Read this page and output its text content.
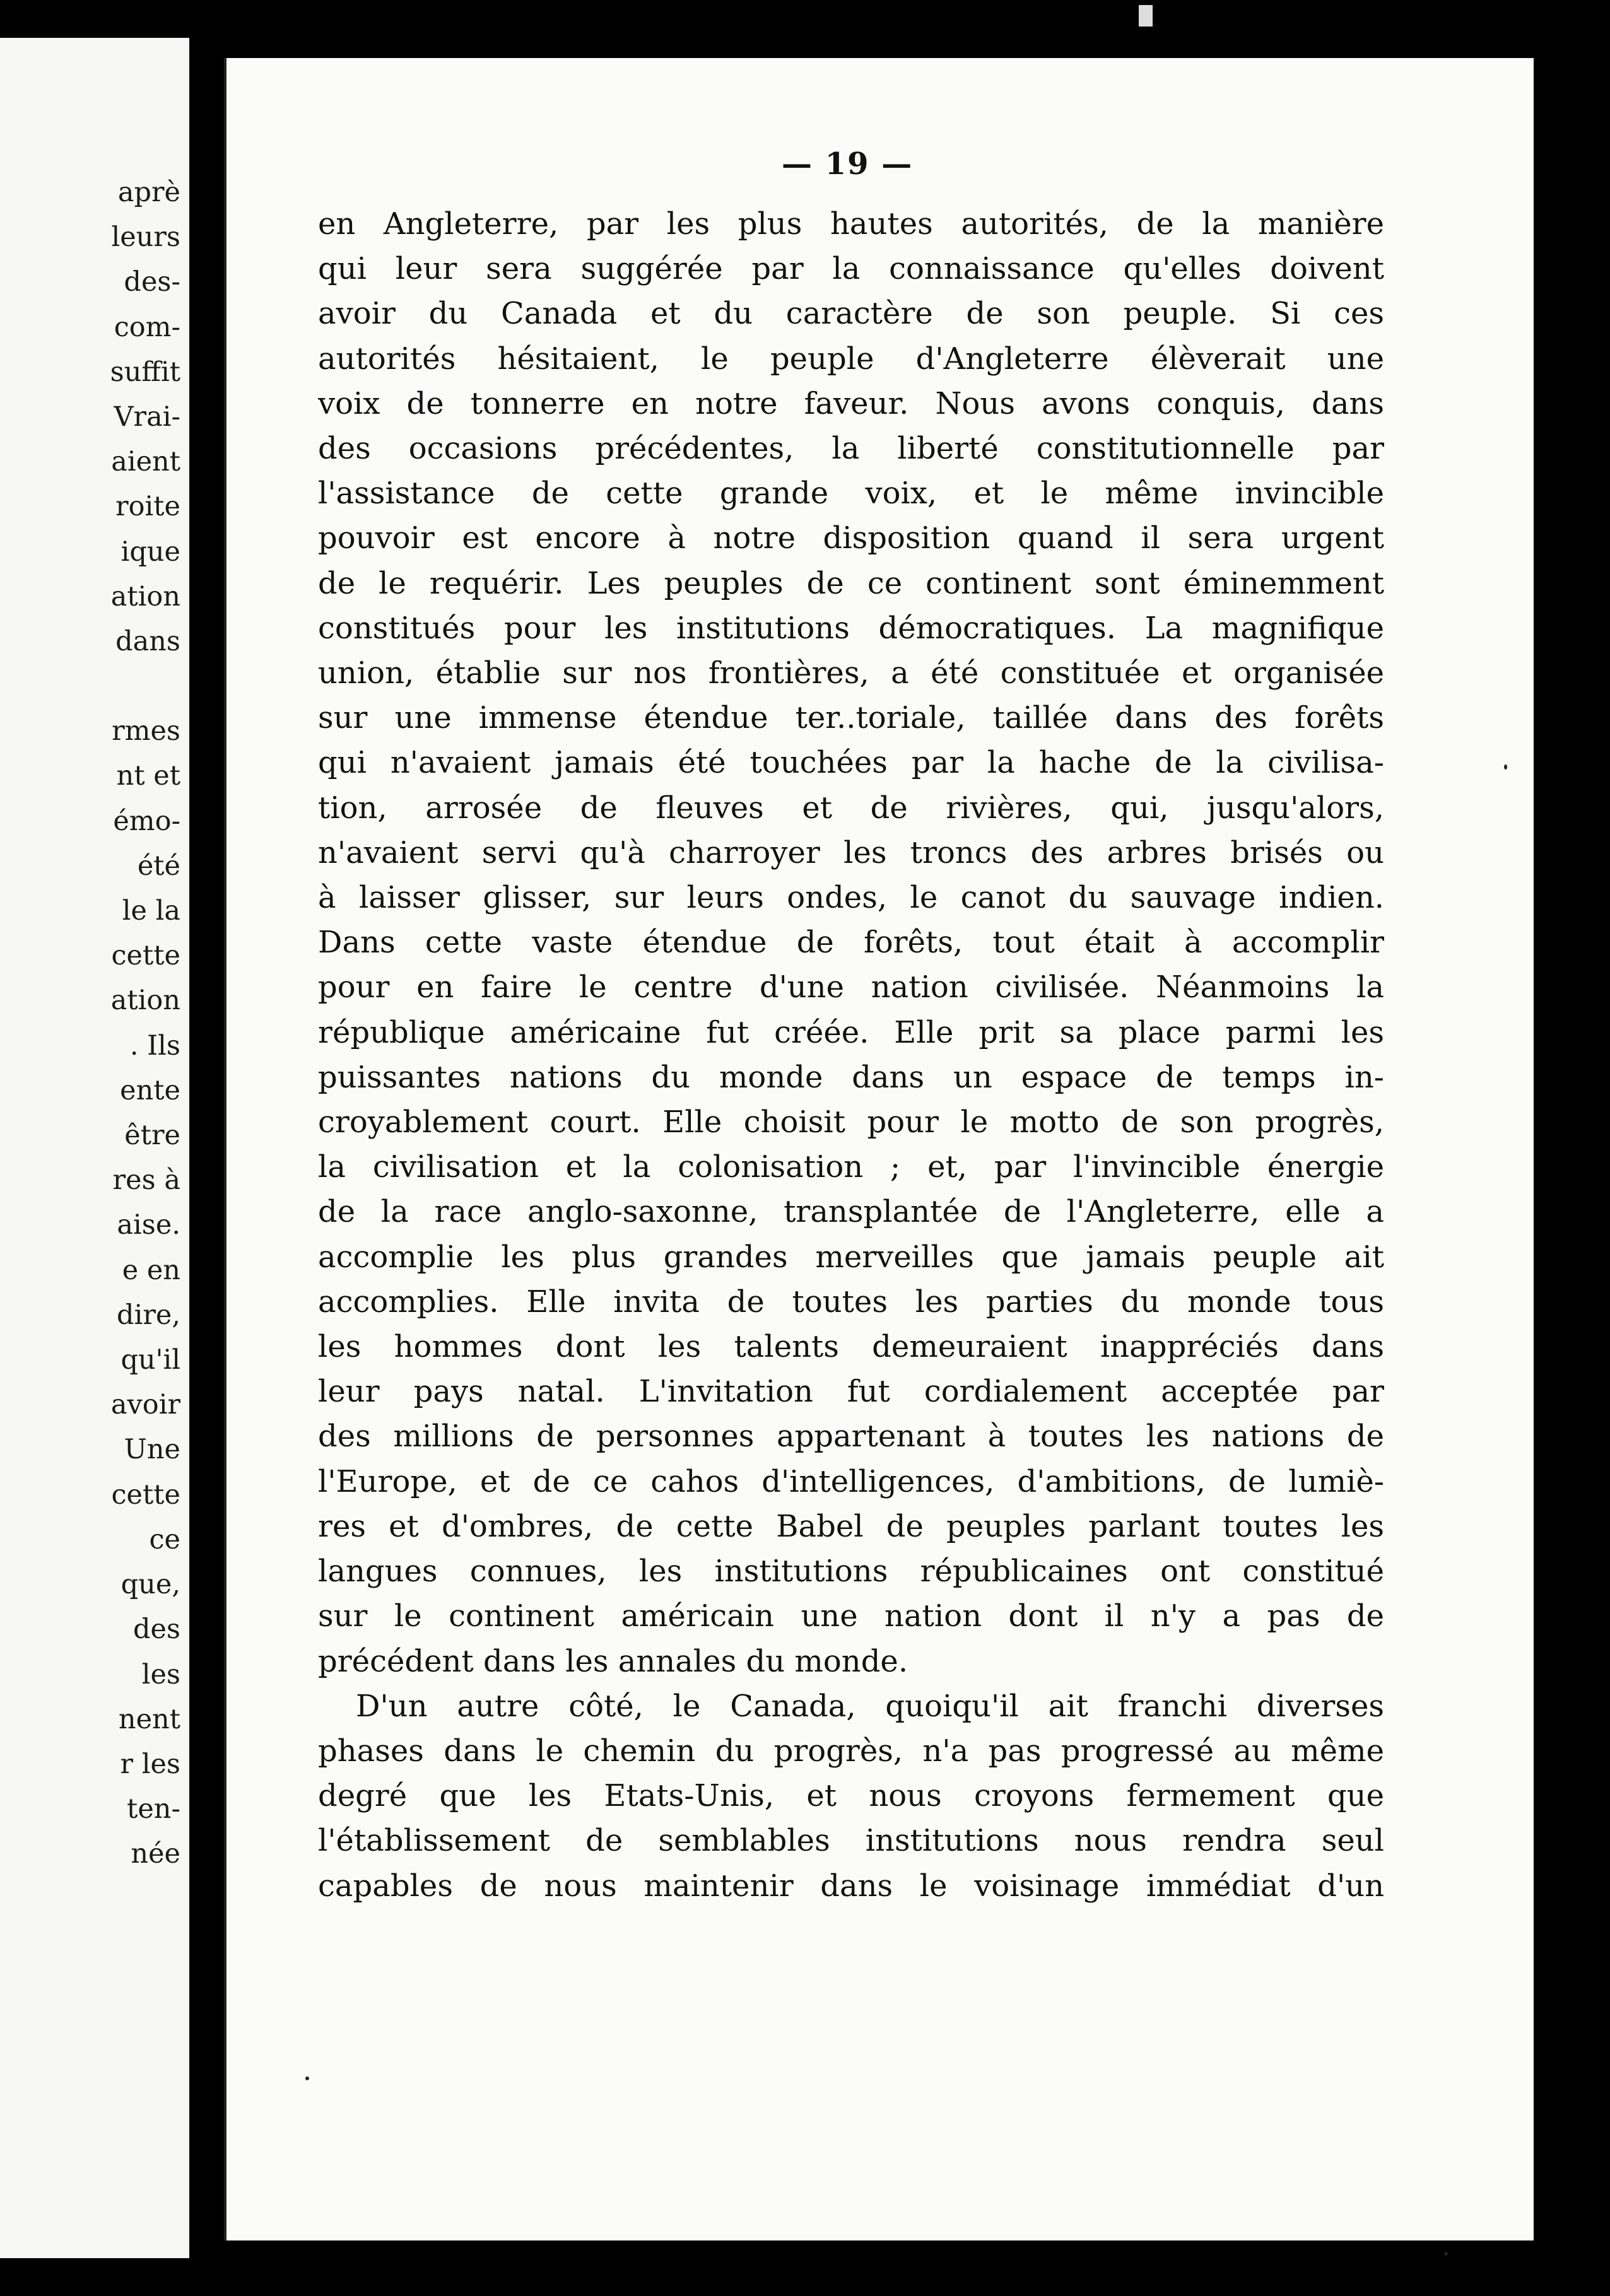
aprè
leurs
des-
com-
suffit
Vrai-
aient
roite
ique
ation
dans
rmes
nt et
émo-
été
le la
cette
ation
. Ils
ente
être
res à
aise.
e en
dire,
qu'il
avoir
Une
cette
ce
que,
des
les
nent
r les
ten-
née
— 19 —
en Angleterre, par les plus hautes autorités, de la manière
qui leur sera suggérée par la connaissance qu'elles doivent
avoir du Canada et du caractère de son peuple. Si ces
autorités hésitaient, le peuple d'Angleterre élèverait une
voix de tonnerre en notre faveur. Nous avons conquis, dans
des occasions précédentes, la liberté constitutionnelle par
l'assistance de cette grande voix, et le même invincible
pouvoir est encore à notre disposition quand il sera urgent
de le requérir. Les peuples de ce continent sont éminemment
constitués pour les institutions démocratiques. La magnifique
union, établie sur nos frontières, a été constituée et organisée
sur une immense étendue ter..toriale, taillée dans des forêts
qui n'avaient jamais été touchées par la hache de la civilisa-
tion, arrosée de fleuves et de rivières, qui, jusqu'alors,
n'avaient servi qu'à charroyer les troncs des arbres brisés ou
à laisser glisser, sur leurs ondes, le canot du sauvage indien.
Dans cette vaste étendue de forêts, tout était à accomplir
pour en faire le centre d'une nation civilisée. Néanmoins la
république américaine fut créée. Elle prit sa place parmi les
puissantes nations du monde dans un espace de temps in-
croyablement court. Elle choisit pour le motto de son progrès,
la civilisation et la colonisation ; et, par l'invincible énergie
de la race anglo-saxonne, transplantée de l'Angleterre, elle a
accomplie les plus grandes merveilles que jamais peuple ait
accomplies. Elle invita de toutes les parties du monde tous
les hommes dont les talents demeuraient inappréciés dans
leur pays natal. L'invitation fut cordialement acceptée par
des millions de personnes appartenant à toutes les nations de
l'Europe, et de ce cahos d'intelligences, d'ambitions, de lumiè-
res et d'ombres, de cette Babel de peuples parlant toutes les
langues connues, les institutions républicaines ont constitué
sur le continent américain une nation dont il n'y a pas de
précédent dans les annales du monde.
D'un autre côté, le Canada, quoiqu'il ait franchi diverses
phases dans le chemin du progrès, n'a pas progressé au même
degré que les Etats-Unis, et nous croyons fermement que
l'établissement de semblables institutions nous rendra seul
capables de nous maintenir dans le voisinage immédiat d'un
